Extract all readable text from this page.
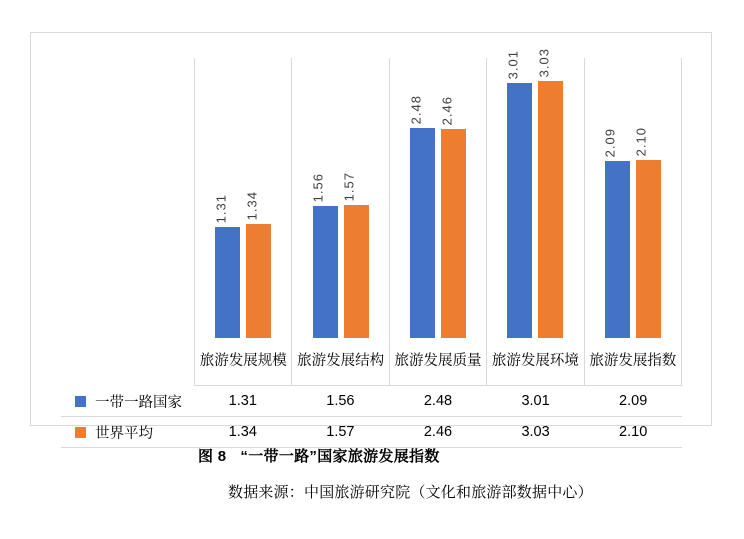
1.31 1.34
1.56 1.57
2.48 2.46
3.01 3.03
2.09 2.10
旅游发展规模 旅游发展结构 旅游发展质量 旅游发展环境 旅游发展指数
一带一路国家	1.31	1.56	2.48	3.01	2.09
世界平均	1.34	1.57	2.46	3.03	2.10
图 8 “一带一路”国家旅游发展指数
数据来源：中国旅游研究院（文化和旅游部数据中心）
